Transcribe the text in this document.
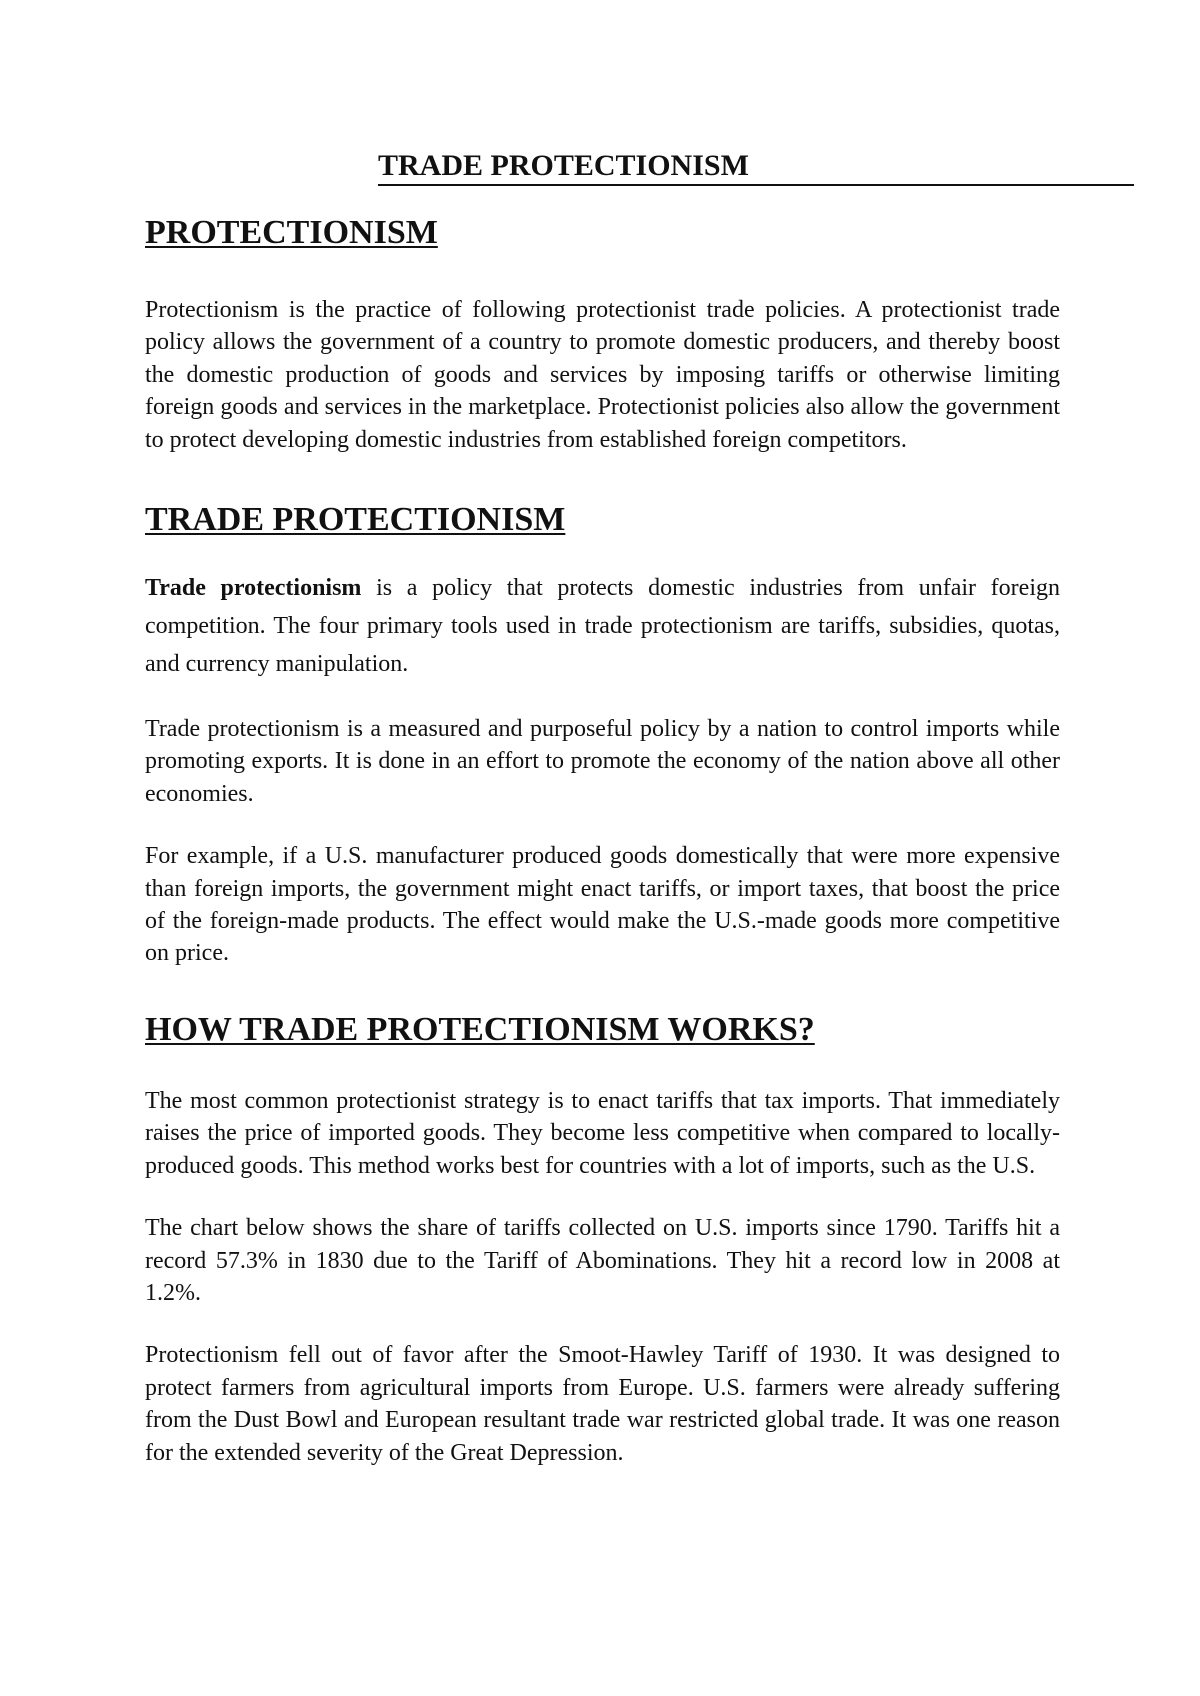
TRADE PROTECTIONISM
PROTECTIONISM

Protectionism is the practice of following protectionist trade policies. A protectionist trade policy allows the government of a country to promote domestic producers, and thereby boost the domestic production of goods and services by imposing tariffs or otherwise limiting foreign goods and services in the marketplace. Protectionist policies also allow the government to protect developing domestic industries from established foreign competitors.

TRADE PROTECTIONISM

Trade protectionism is a policy that protects domestic industries from unfair foreign competition. The four primary tools used in trade protectionism are tariffs, subsidies, quotas, and currency manipulation.

Trade protectionism is a measured and purposeful policy by a nation to control imports while promoting exports. It is done in an effort to promote the economy of the nation above all other economies.

For example, if a U.S. manufacturer produced goods domestically that were more expensive than foreign imports, the government might enact tariffs, or import taxes, that boost the price of the foreign-made products. The effect would make the U.S.-made goods more competitive on price.

HOW TRADE PROTECTIONISM WORKS?

The most common protectionist strategy is to enact tariffs that tax imports. That immediately raises the price of imported goods. They become less competitive when compared to locally-produced goods. This method works best for countries with a lot of imports, such as the U.S.

The chart below shows the share of tariffs collected on U.S. imports since 1790. Tariffs hit a record 57.3% in 1830 due to the Tariff of Abominations. They hit a record low in 2008 at 1.2%.

Protectionism fell out of favor after the Smoot-Hawley Tariff of 1930. It was designed to protect farmers from agricultural imports from Europe. U.S. farmers were already suffering from the Dust Bowl and European resultant trade war restricted global trade. It was one reason for the extended severity of the Great Depression.
